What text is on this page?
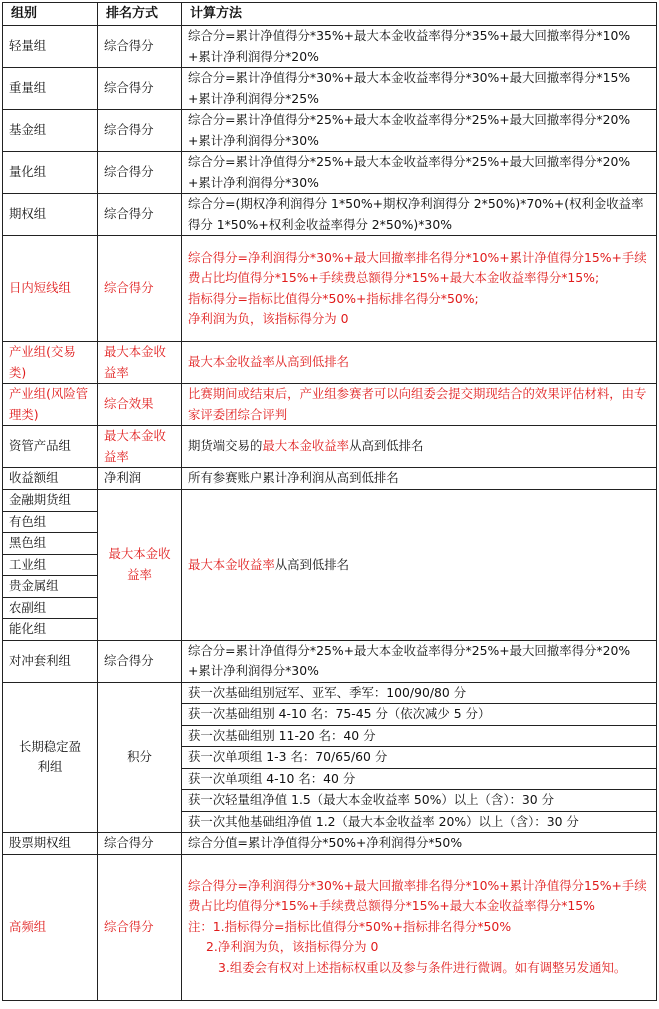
组别	排名方式	计算方法
轻量组	综合得分	综合分=累计净值得分*35%+最大本金收益率得分*35%+最大回撤率得分*10%+累计净利润得分*20%
重量组	综合得分	综合分=累计净值得分*30%+最大本金收益率得分*30%+最大回撤率得分*15%+累计净利润得分*25%
基金组	综合得分	综合分=累计净值得分*25%+最大本金收益率得分*25%+最大回撤率得分*20%+累计净利润得分*30%
量化组	综合得分	综合分=累计净值得分*25%+最大本金收益率得分*25%+最大回撤率得分*20%+累计净利润得分*30%
期权组	综合得分	综合分=(期权净利润得分 1*50%+期权净利润得分 2*50%)*70%+(权利金收益率得分 1*50%+权利金收益率得分 2*50%)*30%
日内短线组	综合得分	综合得分=净利润得分*30%+最大回撤率排名得分*10%+累计净值得分15%+手续费占比均值得分*15%+手续费总额得分*15%+最大本金收益率得分*15%;
指标得分=指标比值得分*50%+指标排名得分*50%;
净利润为负，该指标得分为 0

产业组(交易类)	最大本金收益率	最大本金收益率从高到低排名
产业组(风险管理类)	综合效果	比赛期间或结束后，产业组参赛者可以向组委会提交期现结合的效果评估材料，由专家评委团综合评判
资管产品组	最大本金收益率	期货端交易的最大本金收益率从高到低排名
收益额组	净利润	所有参赛账户累计净利润从高到低排名
金融期货组	最大本金收益率	最大本金收益率从高到低排名
有色组		
黑色组		
工业组		
贵金属组		
农副组		
能化组		
对冲套利组	综合得分	综合分=累计净值得分*25%+最大本金收益率得分*25%+最大回撤率得分*20%+累计净利润得分*30%
长期稳定盈利组	积分	获一次基础组别冠军、亚军、季军：100/90/80 分
		获一次基础组别 4-10 名：75-45 分（依次减少 5 分）
		获一次基础组别 11-20 名：40 分
		获一次单项组 1-3 名：70/65/60 分
		获一次单项组 4-10 名：40 分
		获一次轻量组净值 1.5（最大本金收益率 50%）以上（含）：30 分
		获一次其他基础组净值 1.2（最大本金收益率 20%）以上（含）：30 分
股票期权组	综合得分	综合分值=累计净值得分*50%+净利润得分*50%
高频组	综合得分	综合得分=净利润得分*30%+最大回撤率排名得分*10%+累计净值得分15%+手续费占比均值得分*15%+手续费总额得分*15%+最大本金收益率得分*15%
注：1.指标得分=指标比值得分*50%+指标排名得分*50%
2.净利润为负，该指标得分为 0
3.组委会有权对上述指标权重以及参与条件进行微调。如有调整另发通知。
